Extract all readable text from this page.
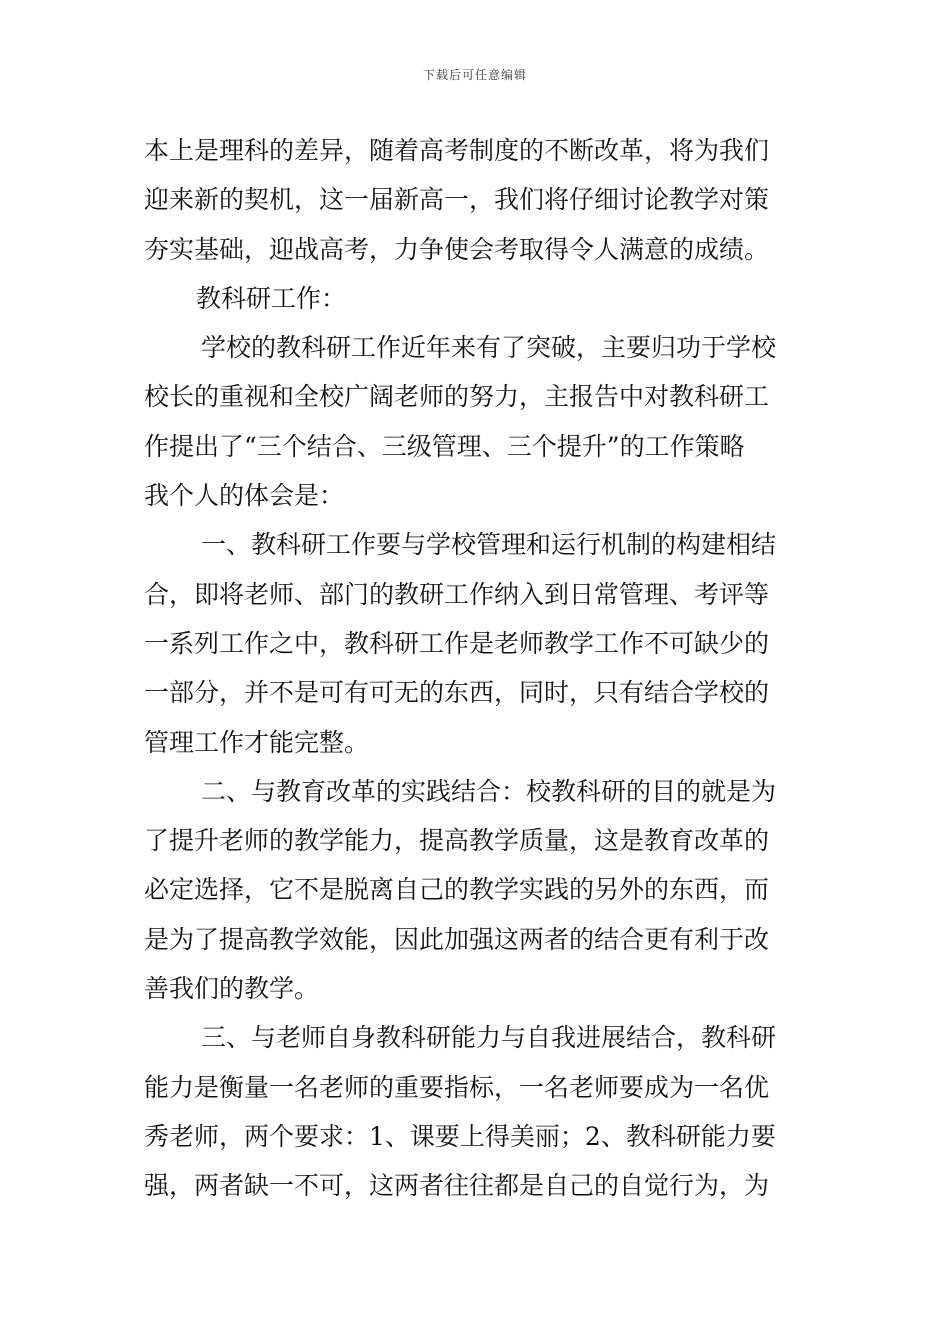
下载后可任意编辑
本上是理科的差异，随着高考制度的不断改革，将为我们
迎来新的契机，这一届新高一，我们将仔细讨论教学对策
夯实基础，迎战高考，力争使会考取得令人满意的成绩。
教科研工作：
学校的教科研工作近年来有了突破，主要归功于学校
校长的重视和全校广阔老师的努力，主报告中对教科研工
作提出了“三个结合、三级管理、三个提升”的工作策略
我个人的体会是：
一、教科研工作要与学校管理和运行机制的构建相结
合，即将老师、部门的教研工作纳入到日常管理、考评等
一系列工作之中，教科研工作是老师教学工作不可缺少的
一部分，并不是可有可无的东西，同时，只有结合学校的
管理工作才能完整。
二、与教育改革的实践结合：校教科研的目的就是为
了提升老师的教学能力，提高教学质量，这是教育改革的
必定选择，它不是脱离自己的教学实践的另外的东西，而
是为了提高教学效能，因此加强这两者的结合更有利于改
善我们的教学。
三、与老师自身教科研能力与自我进展结合，教科研
能力是衡量一名老师的重要指标，一名老师要成为一名优
秀老师，两个要求：1、课要上得美丽；2、教科研能力要
强，两者缺一不可，这两者往往都是自己的自觉行为，为
